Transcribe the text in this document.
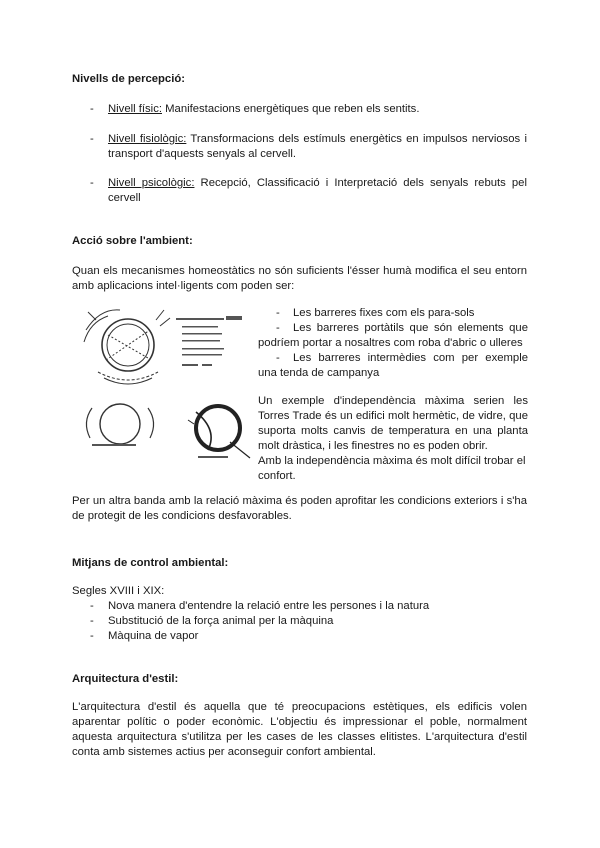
Nivells de percepció:
- Nivell físic: Manifestacions energètiques que reben els sentits.
- Nivell fisiològic: Transformacions dels estímuls energètics en impulsos nerviosos i transport d'aquests senyals al cervell.
- Nivell psicològic: Recepció, Classificació i Interpretació dels senyals rebuts pel cervell
Acció sobre l'ambient:
Quan els mecanismes homeostàtics no són suficients l'ésser humà modifica el seu entorn amb aplicacions intel·ligents com poden ser:
- Les barreres fixes com els para-sols
- Les barreres portàtils que són elements que podríem portar a nosaltres com roba d'abric o ulleres
- Les barreres intermèdies com per exemple una tenda de campanya
Un exemple d'independència màxima serien les Torres Trade és un edifici molt hermètic, de vidre, que suporta molts canvis de temperatura en una planta molt dràstica, i les finestres no es poden obrir.
Amb la independència màxima és molt difícil trobar el confort.
Per un altra banda amb la relació màxima és poden aprofitar les condicions exteriors i s'ha de protegit de les condicions desfavorables.
Mitjans de control ambiental:
Segles XVIII i XIX:
- Nova manera d'entendre la relació entre les persones i la natura
- Substitució de la força animal per la màquina
- Màquina de vapor
Arquitectura d'estil:
L'arquitectura d'estil és aquella que té preocupacions estètiques, els edificis volen aparentar polític o poder econòmic. L'objectiu és impressionar el poble, normalment aquesta arquitectura s'utilitza per les cases de les classes elitistes. L'arquitectura d'estil conta amb sistemes actius per aconseguir confort ambiental.
